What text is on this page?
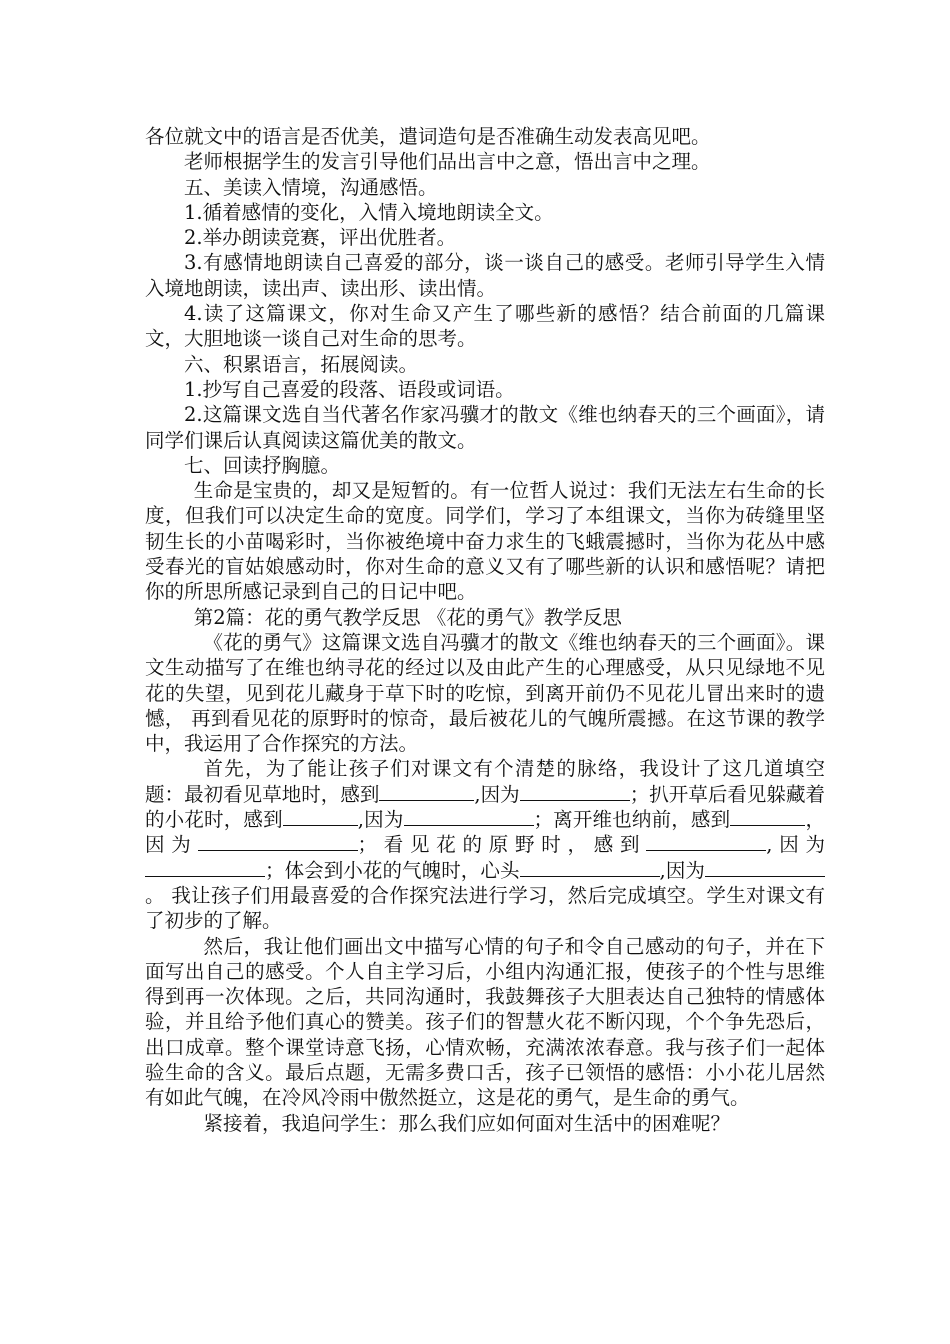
各位就文中的语言是否优美，遣词造句是否准确生动发表高见吧。

老师根据学生的发言引导他们品出言中之意，悟出言中之理。

五、美读入情境，沟通感悟。

1.循着感情的变化，入情入境地朗读全文。

2.举办朗读竞赛，评出优胜者。

3.有感情地朗读自己喜爱的部分，谈一谈自己的感受。老师引导学生入情入境地朗读，读出声、读出形、读出情。

4.读了这篇课文，你对生命又产生了哪些新的感悟？结合前面的几篇课文，大胆地谈一谈自己对生命的思考。

六、积累语言，拓展阅读。

1.抄写自己喜爱的段落、语段或词语。

2.这篇课文选自当代著名作家冯骥才的散文《维也纳春天的三个画面》，请同学们课后认真阅读这篇优美的散文。

七、回读抒胸臆。

生命是宝贵的，却又是短暂的。有一位哲人说过：我们无法左右生命的长度，但我们可以决定生命的宽度。同学们，学习了本组课文，当你为砖缝里坚韧生长的小苗喝彩时，当你被绝境中奋力求生的飞蛾震撼时，当你为花丛中感受春光的盲姑娘感动时，你对生命的意义又有了哪些新的认识和感悟呢？请把你的所思所感记录到自己的日记中吧。

第2篇：花的勇气教学反思 《花的勇气》教学反思

《花的勇气》这篇课文选自冯骥才的散文《维也纳春天的三个画面》。课文生动描写了在维也纳寻花的经过以及由此产生的心理感受，从只见绿地不见花的失望，见到花儿藏身于草下时的吃惊，到离开前仍不见花儿冒出来时的遗憾， 再到看见花的原野时的惊奇，最后被花儿的气魄所震撼。在这节课的教学中，我运用了合作探究的方法。

首先，为了能让孩子们对课文有个清楚的脉络，我设计了这几道填空题：最初看见草地时，感到	,因为	；扒开草后看见躲藏着的小花时，感到	,因为	；离开维也纳前，感到	，因为	；看见花的原野时，感到	,因为；体会到小花的气魄时，心头	,因为。 我让孩子们用最喜爱的合作探究法进行学习，然后完成填空。学生对课文有了初步的了解。

然后，我让他们画出文中描写心情的句子和令自己感动的句子，并在下面写出自己的感受。个人自主学习后，小组内沟通汇报，使孩子的个性与思维得到再一次体现。之后，共同沟通时，我鼓舞孩子大胆表达自己独特的情感体验，并且给予他们真心的赞美。孩子们的智慧火花不断闪现，个个争先恐后，出口成章。整个课堂诗意飞扬，心情欢畅，充满浓浓春意。我与孩子们一起体验生命的含义。最后点题，无需多费口舌，孩子已领悟的感悟：小小花儿居然有如此气魄，在冷风冷雨中傲然挺立，这是花的勇气，是生命的勇气。

紧接着，我追问学生：那么我们应如何面对生活中的困难呢？
